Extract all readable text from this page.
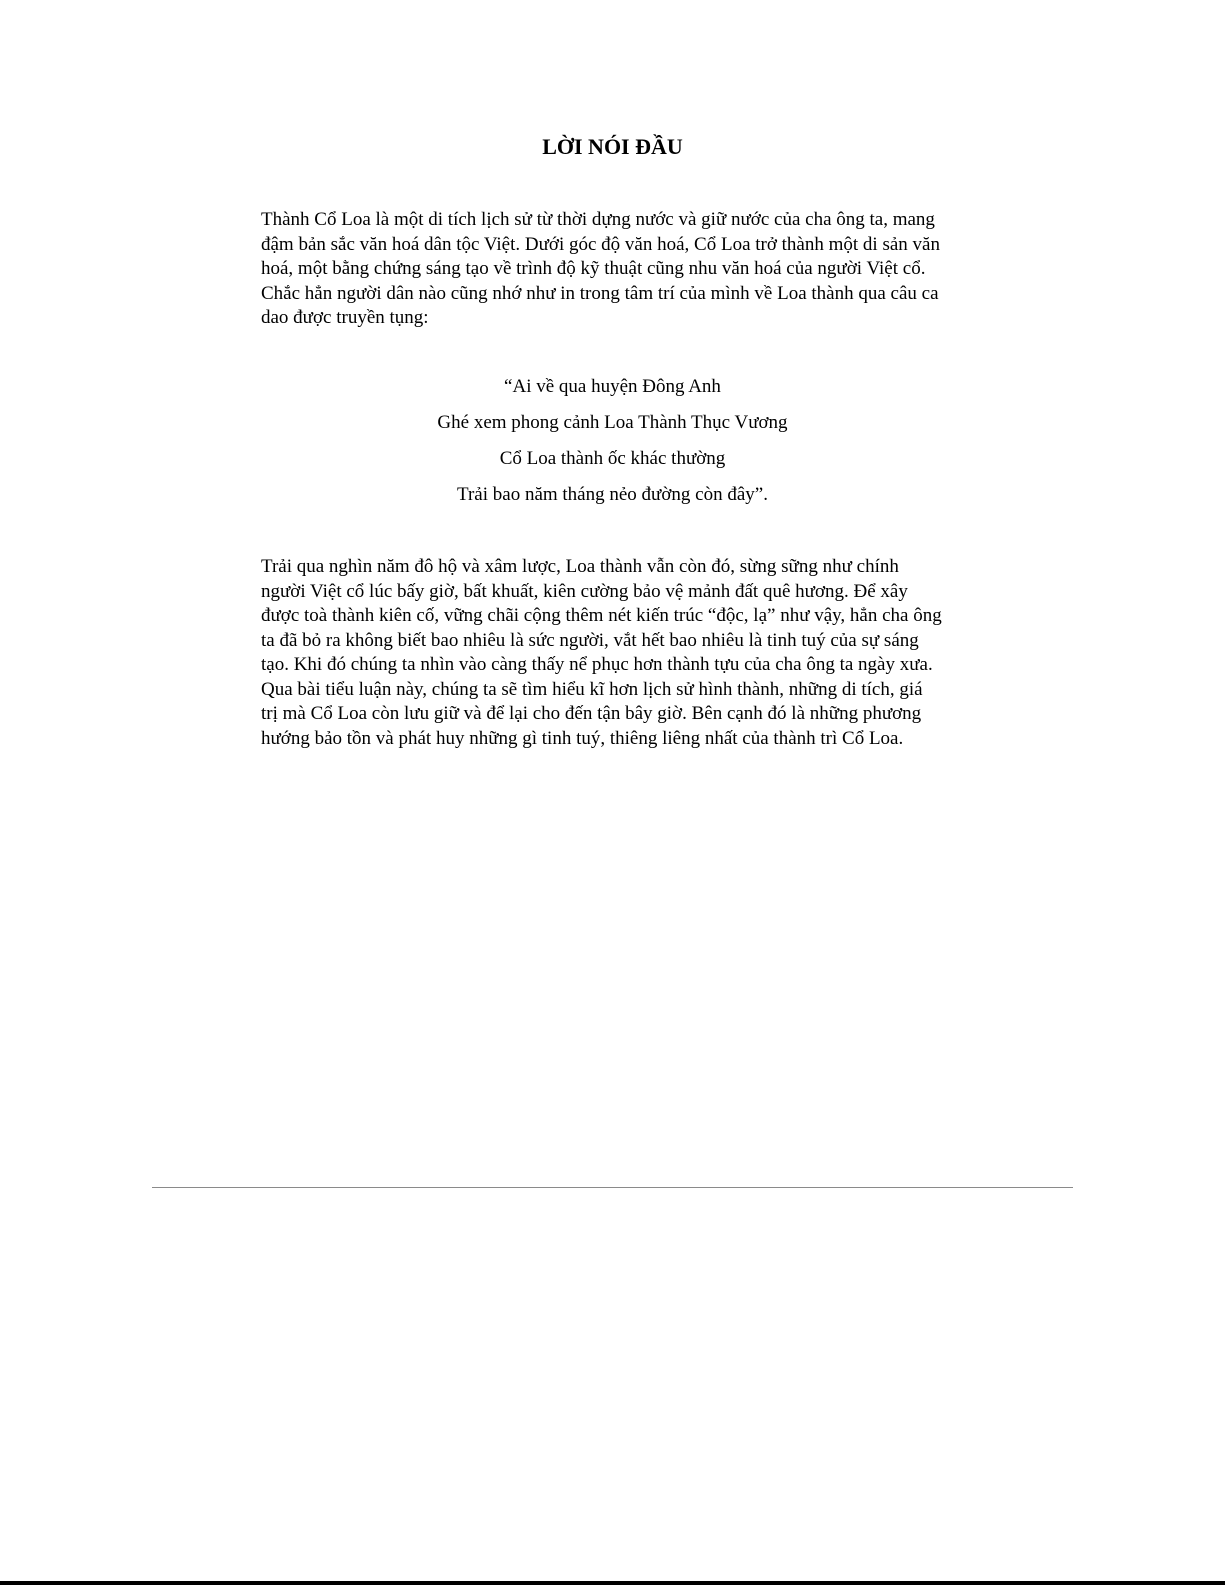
LỜI NÓI ĐẦU

Thành Cổ Loa là một di tích lịch sử từ thời dựng nước và giữ nước của cha ông ta, mang
đậm bản sắc văn hoá dân tộc Việt. Dưới góc độ văn hoá, Cổ Loa trở thành một di sản văn
hoá, một bằng chứng sáng tạo về trình độ kỹ thuật cũng nhu văn hoá của người Việt cổ.
Chắc hẳn người dân nào cũng nhớ như in trong tâm trí của mình về Loa thành qua câu ca
dao được truyền tụng:

“Ai về qua huyện Đông Anh
Ghé xem phong cảnh Loa Thành Thục Vương
Cổ Loa thành ốc khác thường
Trải bao năm tháng nẻo đường còn đây”.

Trải qua nghìn năm đô hộ và xâm lược, Loa thành vẫn còn đó, sừng sững như chính
người Việt cổ lúc bấy giờ, bất khuất, kiên cường bảo vệ mảnh đất quê hương. Để xây
được toà thành kiên cố, vững chãi cộng thêm nét kiến trúc “độc, lạ” như vậy, hẳn cha ông
ta đã bỏ ra không biết bao nhiêu là sức người, vắt hết bao nhiêu là tinh tuý của sự sáng
tạo. Khi đó chúng ta nhìn vào càng thấy nể phục hơn thành tựu của cha ông ta ngày xưa.
Qua bài tiểu luận này, chúng ta sẽ tìm hiểu kĩ hơn lịch sử hình thành, những di tích, giá
trị mà Cổ Loa còn lưu giữ và để lại cho đến tận bây giờ. Bên cạnh đó là những phương
hướng bảo tồn và phát huy những gì tinh tuý, thiêng liêng nhất của thành trì Cổ Loa.
